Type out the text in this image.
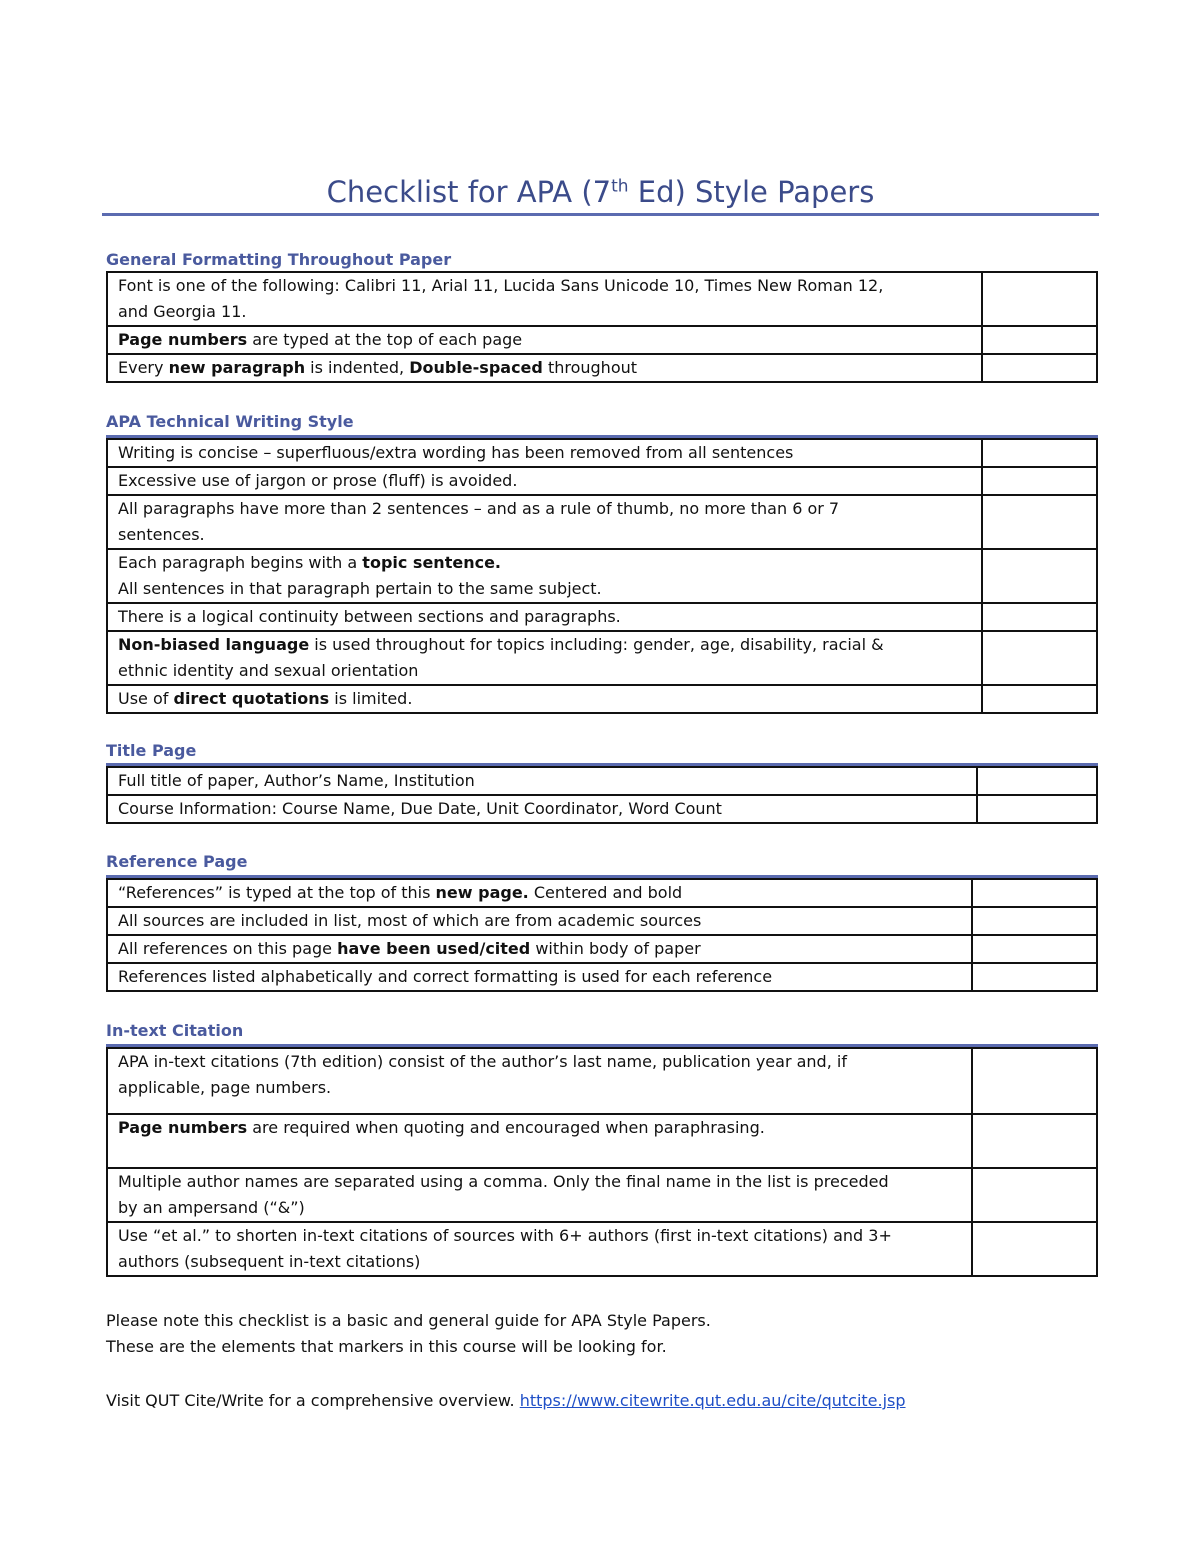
Checklist for APA (7th Ed) Style Papers
General Formatting Throughout Paper
Font is one of the following: Calibri 11, Arial 11, Lucida Sans Unicode 10, Times New Roman 12,
and Georgia 11.	
Page numbers are typed at the top of each page	
Every new paragraph is indented, Double-spaced throughout	
APA Technical Writing Style
Writing is concise – superfluous/extra wording has been removed from all sentences	
Excessive use of jargon or prose (fluff) is avoided.	
All paragraphs have more than 2 sentences – and as a rule of thumb, no more than 6 or 7
sentences.	
Each paragraph begins with a topic sentence.
All sentences in that paragraph pertain to the same subject.	
There is a logical continuity between sections and paragraphs.	
Non-biased language is used throughout for topics including: gender, age, disability, racial &
ethnic identity and sexual orientation	
Use of direct quotations is limited.	
Title Page
Full title of paper, Author’s Name, Institution	
Course Information: Course Name, Due Date, Unit Coordinator, Word Count	
Reference Page
“References” is typed at the top of this new page. Centered and bold	
All sources are included in list, most of which are from academic sources	
All references on this page have been used/cited within body of paper	
References listed alphabetically and correct formatting is used for each reference	
In-text Citation
APA in-text citations (7th edition) consist of the author’s last name, publication year and, if
applicable, page numbers.	
Page numbers are required when quoting and encouraged when paraphrasing.	
Multiple author names are separated using a comma. Only the final name in the list is preceded
by an ampersand (“&”)	
Use “et al.” to shorten in-text citations of sources with 6+ authors (first in-text citations) and 3+
authors (subsequent in-text citations)	
Please note this checklist is a basic and general guide for APA Style Papers.
These are the elements that markers in this course will be looking for.
Visit QUT Cite/Write for a comprehensive overview. https://www.citewrite.qut.edu.au/cite/qutcite.jsp
